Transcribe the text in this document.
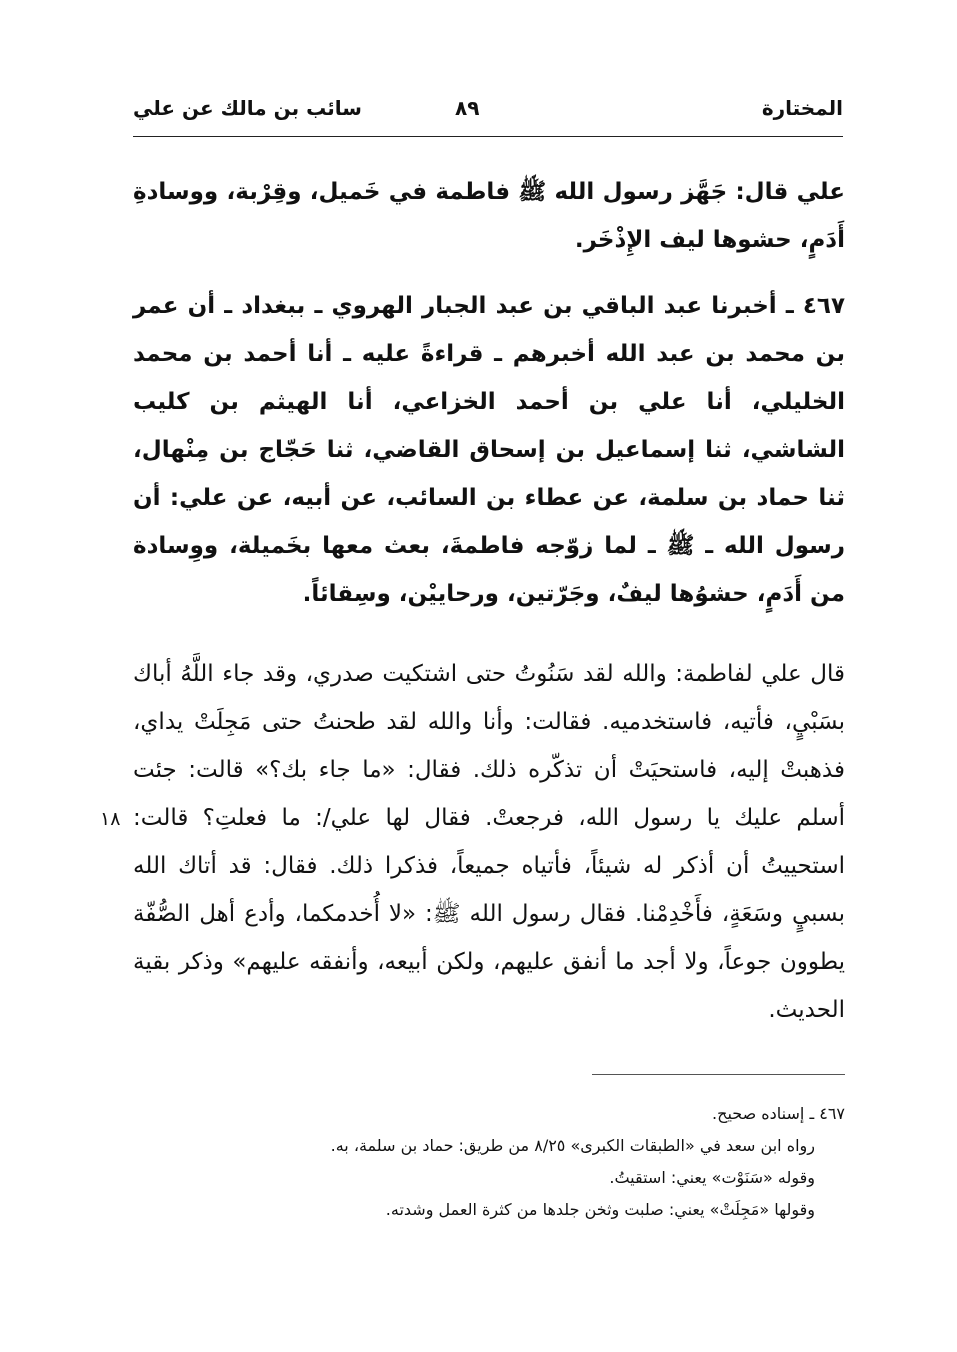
المختارة
٨٩
سائب بن مالك عن علي

علي قال: جَهَّز رسول الله ﷺ فاطمة في خَميل، وقِرْبة، ووسادةِ أَدَمٍ، حشوها ليف الإِذْخَر.

٤٦٧ ـ أخبرنا عبد الباقي بن عبد الجبار الهروي ـ ببغداد ـ أن عمر بن محمد بن عبد الله أخبرهم ـ قراءةً عليه ـ أنا أحمد بن محمد الخليلي، أنا علي بن أحمد الخزاعي، أنا الهيثم بن كليب الشاشي، ثنا إسماعيل بن إسحاق القاضي، ثنا حَجّاج بن مِنْهال، ثنا حماد بن سلمة، عن عطاء بن السائب، عن أبيه، عن علي: أن رسول الله ـ ﷺ ـ لما زوّجه فاطمةَ، بعث معها بخَميلة، ووِسادة من أَدَمٍ، حشوُها ليفٌ، وجَرّتين، ورحاييْن، وسِقائاً.

قال علي لفاطمة: والله لقد سَنُوتُ حتى اشتكيت صدري، وقد جاء اللَّهُ أباك بسَبْيٍ، فأتيه، فاستخدميه. فقالت: وأنا والله لقد طحنتُ حتى مَجِلَتْ يداي، فذهبتْ إليه، فاستحيَتْ أن تذكّره ذلك. فقال: «ما جاء بك؟» قالت: جئت أسلم عليك يا رسول الله، فرجعتْ. فقال لها علي/: ما فعلتِ؟ قالت: استحييتُ أن أذكر له شيئاً، فأتياه جميعاً، فذكرا ذلك. فقال: قد أتاك الله بسبيٍ وسَعَةٍ، فأَخْدِمْنا. فقال رسول الله ﷺ: «لا أُخدمكما، وأدع أهل الصُّفّة يطوون جوعاً، ولا أجد ما أنفق عليهم، ولكن أبيعه، وأنفقه عليهم» وذكر بقية الحديث.

١٨
٤٦٧ ـ إسناده صحيح.
رواه ابن سعد في «الطبقات الكبرى» ٨/٢٥ من طريق: حماد بن سلمة، به.
وقوله «سَنَوْت» يعني: استقيتُ.
وقولها «مَجِلَتْ» يعني: صلبت وثخن جلدها من كثرة العمل وشدته.
